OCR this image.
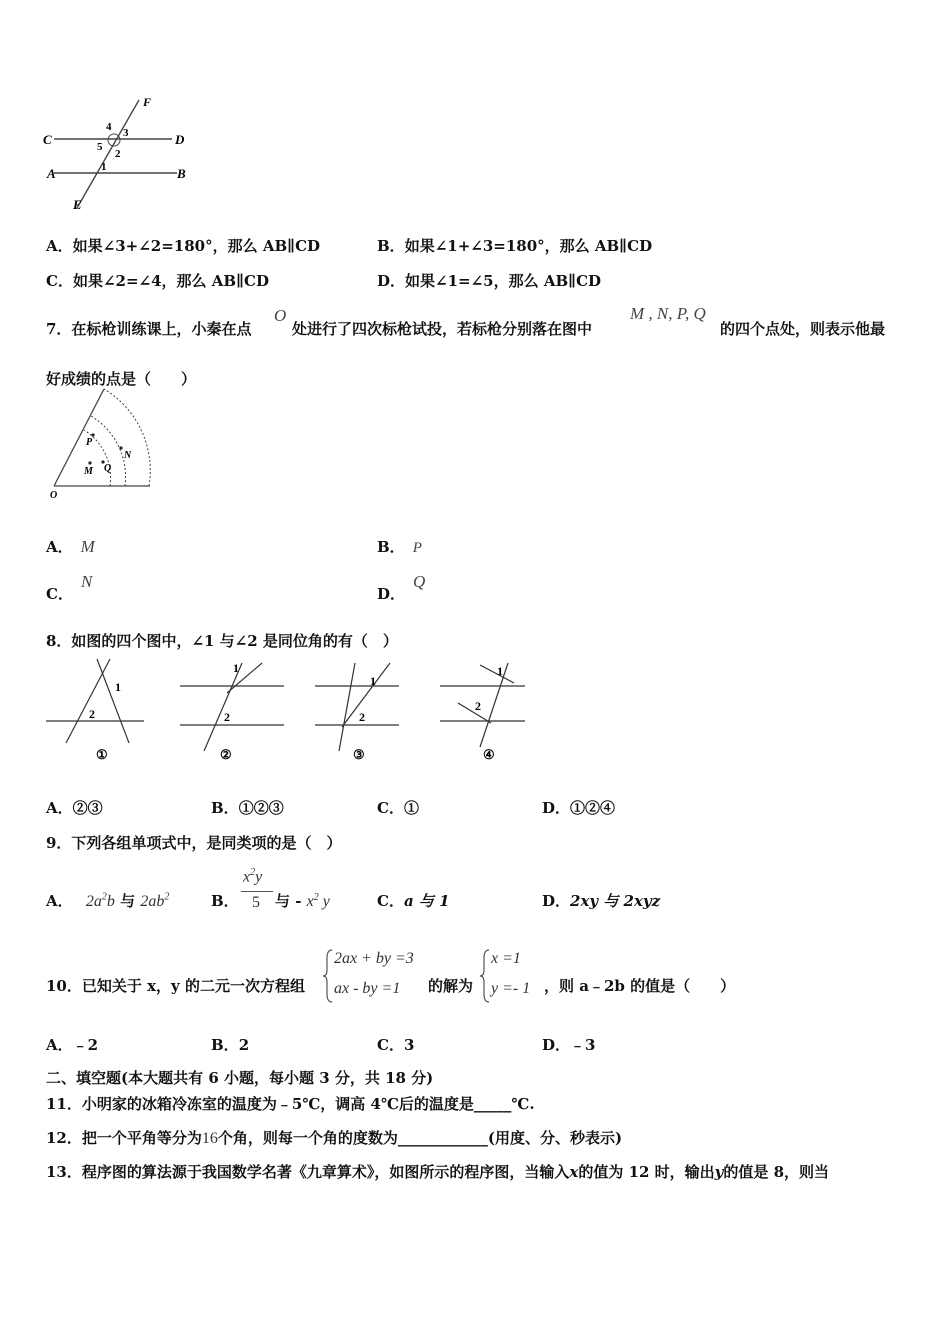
F
C	D
A	B
E
4 3
5
2
1
A．如果∠3+∠2=180°，那么 AB∥CD	B．如果∠1+∠3=180°，那么 AB∥CD
C．如果∠2=∠4，那么 AB∥CD	D．如果∠1=∠5，那么 AB∥CD
7．在标枪训练课上，小秦在点
O
处进行了四次标枪试投，若标枪分别落在图中
M , N, P, Q
的四个点处，则表示他最
好成绩的点是（　　）
P
N
M Q
O
A． M	B． P
C．N
D．Q
8．如图的四个图中，∠1 与∠2 是同位角的有（　）
1
2
①
1
2
②
1
2
③
1
2
④
A．②③	B．①②③	C．①	D．①②④
9．下列各组单项式中，是同类项的是（　）
A． $2a^2b$ 与 $2ab^2$	B．
$x^2y$
5 与 - $x^2$ y	C．a 与 1	D．2xy 与 2xyz
10．已知关于 x，y 的二元一次方程组
2ax + by =3
ax - by =1 的解为
x =1
y =- 1 ，则 a﹣2b 的值是（　　）
A．﹣2	B．2	C．3	D．﹣3
二、填空题(本大题共有 6 小题，每小题 3 分，共 18 分)
11．小明家的冰箱冷冻室的温度为﹣5℃，调高 4℃后的温度是_____℃.
12．把一个平角等分为16个角，则每一个角的度数为____________(用度、分、秒表示)
13．程序图的算法源于我国数学名著《九章算术》，如图所示的程序图，当输入x的值为 12 时，输出y的值是 8，则当
